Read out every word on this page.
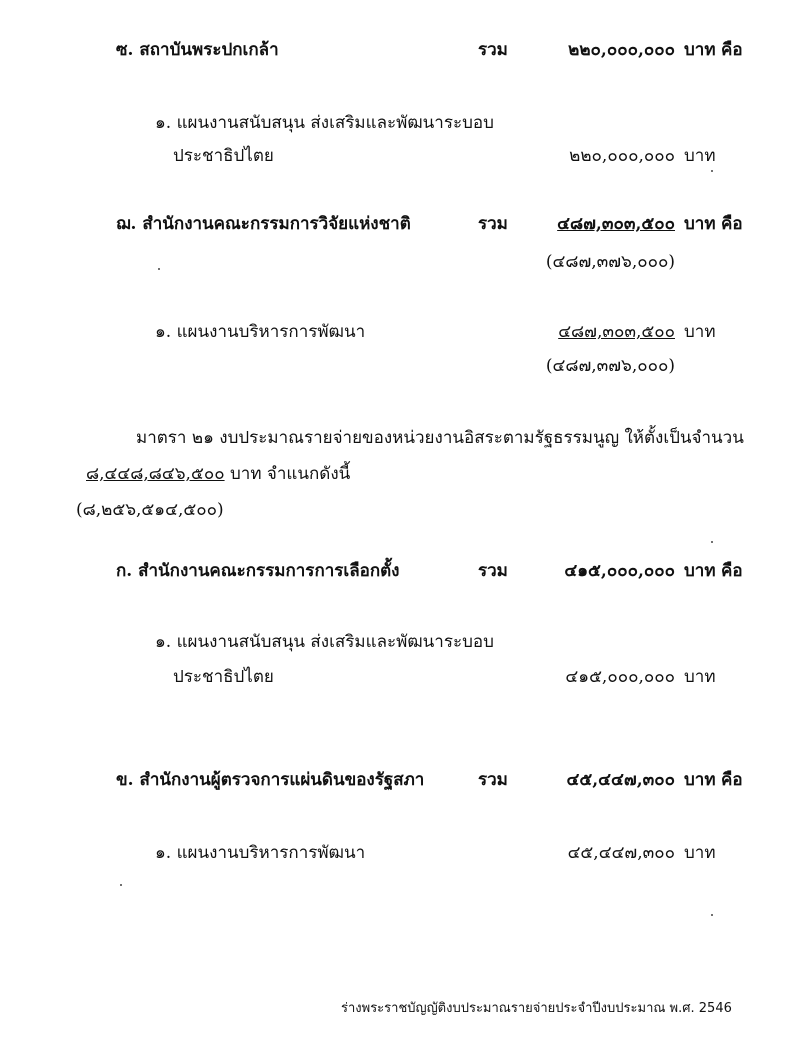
ซ. สถาบันพระปกเกล้า	รวม	๒๒๐,๐๐๐,๐๐๐ บาท คือ
๑. แผนงานสนับสนุน ส่งเสริมและพัฒนาระบอบ
ประชาธิปไตย	๒๒๐,๐๐๐,๐๐๐ บาท
ฌ. สำนักงานคณะกรรมการวิจัยแห่งชาติ	รวม	๔๘๗,๓๐๓,๕๐๐ บาท คือ
(๔๘๗,๓๗๖,๐๐๐)
๑. แผนงานบริหารการพัฒนา	๔๘๗,๓๐๓,๕๐๐ บาท
(๔๘๗,๓๗๖,๐๐๐)
มาตรา ๒๑ งบประมาณรายจ่ายของหน่วยงานอิสระตามรัฐธรรมนูญ ให้ตั้งเป็นจำนวน
๘,๔๔๘,๘๔๖,๕๐๐ บาท จำแนกดังนี้
(๘,๒๕๖,๕๑๔,๕๐๐)
ก. สำนักงานคณะกรรมการการเลือกตั้ง	รวม	๔๑๕,๐๐๐,๐๐๐ บาท คือ
๑. แผนงานสนับสนุน ส่งเสริมและพัฒนาระบอบ
ประชาธิปไตย	๔๑๕,๐๐๐,๐๐๐ บาท
ข. สำนักงานผู้ตรวจการแผ่นดินของรัฐสภา	รวม	๔๕,๔๔๗,๓๐๐ บาท คือ
๑. แผนงานบริหารการพัฒนา	๔๕,๔๔๗,๓๐๐ บาท
ร่างพระราชบัญญัติงบประมาณรายจ่ายประจำปีงบประมาณ พ.ศ. 2546
